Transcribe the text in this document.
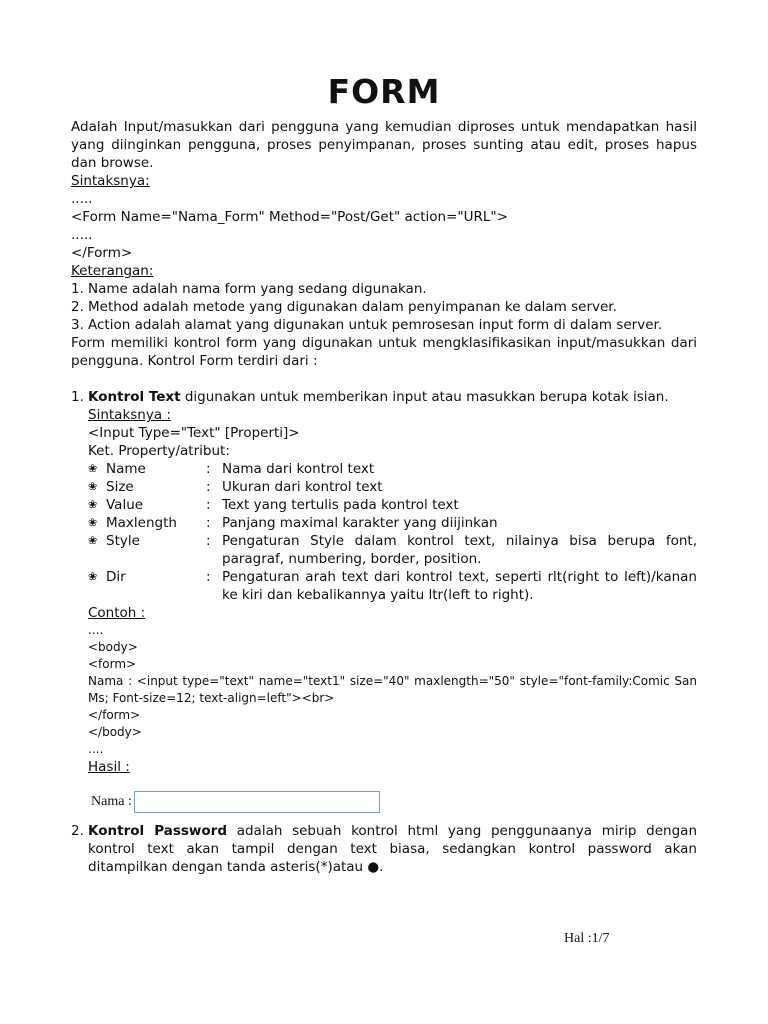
FORM
Adalah Input/masukkan dari pengguna yang kemudian diproses untuk mendapatkan hasil yang diinginkan pengguna, proses penyimpanan, proses sunting atau edit, proses hapus dan browse.
Sintaksnya:
.....
<Form Name="Nama_Form" Method="Post/Get" action="URL">
.....
</Form>
Keterangan:
1. Name adalah nama form yang sedang digunakan.
2. Method adalah metode yang digunakan dalam penyimpanan ke dalam server.
3. Action adalah alamat yang digunakan untuk pemrosesan input form di dalam server.
Form memiliki kontrol form yang digunakan untuk mengklasifikasikan input/masukkan dari pengguna. Kontrol Form terdiri dari :
1. Kontrol Text digunakan untuk memberikan input atau masukkan berupa kotak isian.
Sintaksnya :
<Input Type="Text" [Properti]>
Ket. Property/atribut:
❀ Name	: Nama dari kontrol text
❀ Size	: Ukuran dari kontrol text
❀ Value	: Text yang tertulis pada kontrol text
❀ Maxlength	: Panjang maximal karakter yang diijinkan
❀ Style	: Pengaturan Style dalam kontrol text, nilainya bisa berupa font, paragraf, numbering, border, position.
❀ Dir	: Pengaturan arah text dari kontrol text, seperti rlt(right to left)/kanan ke kiri dan kebalikannya yaitu ltr(left to right).
Contoh :
....
<body>
<form>
Nama : <input type="text" name="text1" size="40" maxlength="50" style="font-family:Comic San Ms; Font-size=12; text-align=left"><br>
</form>
</body>
....
Hasil :
Nama :
2. Kontrol Password adalah sebuah kontrol html yang penggunaanya mirip dengan kontrol text akan tampil dengan text biasa, sedangkan kontrol password akan ditampilkan dengan tanda asteris(*)atau ●.
Hal :1/7
